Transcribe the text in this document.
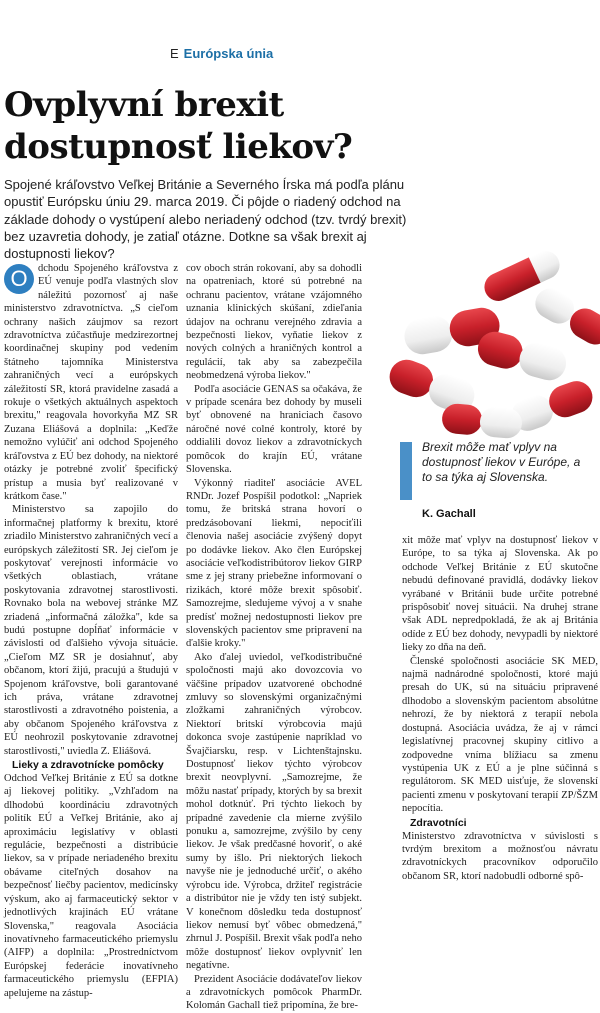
E Európska únia
Ovplyvní brexit dostupnosť liekov?

Spojené kráľovstvo Veľkej Británie a Severného Írska má podľa plánu opustiť Európsku úniu 29. marca 2019. Či pôjde o riadený odchod na základe dohody o vystúpení alebo neriadený odchod (tzv. tvrdý brexit) bez uzavretia dohody, je zatiaľ otázne. Dotkne sa však brexit aj dostupnosti liekov?

O dchodu Spojeného kráľovstva z EÚ venuje podľa vlastných slov náležitú pozornosť aj naše ministerstvo zdravotníctva. „S cieľom ochrany našich záujmov sa rezort zdravotníctva zúčastňuje medzirezortnej koordinačnej skupiny pod vedením štátneho tajomníka Ministerstva zahraničných vecí a európskych záležitostí SR, ktorá pravidelne zasadá a rokuje o všetkých aktuálnych aspektoch brexitu," reagovala hovorkyňa MZ SR Zuzana Eliášová a doplnila: „Keďže nemožno vylúčiť ani odchod Spojeného kráľovstva z EÚ bez dohody, na niektoré otázky je potrebné zvoliť špecifický prístup a musia byť realizované v krátkom čase."

Ministerstvo sa zapojilo do informačnej platformy k brexitu, ktoré zriadilo Ministerstvo zahraničných vecí a európskych záležitostí SR. Jej cieľom je poskytovať verejnosti informácie vo všetkých oblastiach, vrátane poskytovania zdravotnej starostlivosti. Rovnako bola na webovej stránke MZ zriadená „informačná záložka", kde sa budú postupne dopĺňať informácie v závislosti od ďalšieho vývoja situácie. „Cieľom MZ SR je dosiahnuť, aby občanom, ktorí žijú, pracujú a študujú v Spojenom kráľovstve, boli garantované ich práva, vrátane zdravotnej starostlivosti a zdravotného poistenia, a aby občanom Spojeného kráľovstva z EÚ neohrozil poskytovanie zdravotnej starostlivosti," uviedla Z. Eliášová.

Lieky a zdravotnícke pomôcky

Odchod Veľkej Británie z EÚ sa dotkne aj liekovej politiky. „Vzhľadom na dlhodobú koordináciu zdravotných politík EÚ a Veľkej Británie, ako aj aproximáciu legislatívy v oblasti regulácie, bezpečnosti a distribúcie liekov, sa v prípade neriadeného brexitu obávame citeľných dosahov na bezpečnosť liečby pacientov, medicínsky výskum, ako aj farmaceutický sektor v jednotlivých krajinách EÚ vrátane Slovenska," reagovala Asociácia inovatívneho farmaceutického priemyslu (AIFP) a doplnila: „Prostredníctvom Európskej federácie inovatívneho farmaceutického priemyslu (EFPIA) apelujeme na zástup-

cov oboch strán rokovaní, aby sa dohodli na opatreniach, ktoré sú potrebné na ochranu pacientov, vrátane vzájomného uznania klinických skúšaní, zdieľania údajov na ochranu verejného zdravia a bezpečnosti liekov, vyňatie liekov z nových colných a hraničných kontrol a regulácií, tak aby sa zabezpečila neobmedzená výroba liekov."

Podľa asociácie GENAS sa očakáva, že v prípade scenára bez dohody by museli byť obnovené na hraniciach časovo náročné nové colné kontroly, ktoré by oddialili dovoz liekov a zdravotníckych pomôcok do krajín EÚ, vrátane Slovenska.

Výkonný riaditeľ asociácie AVEL RNDr. Jozef Pospíšil podotkol: „Napriek tomu, že britská strana hovorí o predzásobovaní liekmi, nepociťili členovia našej asociácie zvýšený dopyt po dodávke liekov. Ako člen Európskej asociácie veľkodistribútorov liekov GIRP sme z jej strany priebežne informovaní o rizikách, ktoré môže brexit spôsobiť. Samozrejme, sledujeme vývoj a v snahe predísť možnej nedostupnosti liekov pre slovenských pacientov sme pripravení na ďalšie kroky."

Ako ďalej uviedol, veľkodistribučné spoločnosti majú ako dovozcovia vo väčšine prípadov uzatvorené obchodné zmluvy so slovenskými organizačnými zložkami zahraničných výrobcov. Niektorí britskí výrobcovia majú dokonca svoje zastúpenie napríklad vo Švajčiarsku, resp. v Lichtenštajnsku. Dostupnosť liekov týchto výrobcov brexit neovplyvní. „Samozrejme, že môžu nastať prípady, ktorých by sa brexit mohol dotknúť. Pri týchto liekoch by prípadné zavedenie cla mierne zvýšilo ponuku a, samozrejme, zvýšilo by ceny liekov. Je však predčasné hovoriť, o aké sumy by išlo. Pri niektorých liekoch navyše nie je jednoduché určiť, o akého výrobcu ide. Výrobca, držiteľ registrácie a distribútor nie je vždy ten istý subjekt. V konečnom dôsledku teda dostupnosť liekov nemusí byť vôbec obmedzená," zhrnul J. Pospíšil. Brexit však podľa neho môže dostupnosť liekov ovplyvniť len negatívne.

Prezident Asociácie dodávateľov liekov a zdravotníckych pomôcok PharmDr. Kolomán Gachall tiež pripomína, že bre-

Brexit môže mať vplyv na dostupnosť liekov v Európe, a to sa týka aj Slovenska.

K. Gachall

xit môže mať vplyv na dostupnosť liekov v Európe, to sa týka aj Slovenska. Ak po odchode Veľkej Británie z EÚ skutočne nebudú definované pravidlá, dodávky liekov vyrábané v Británii bude určite potrebné prispôsobiť novej situácii. Na druhej strane však ADL nepredpokladá, že ak aj Británia odíde z EÚ bez dohody, nevypadli by niektoré lieky zo dňa na deň.

Členské spoločnosti asociácie SK MED, najmä nadnárodné spoločnosti, ktoré majú presah do UK, sú na situáciu pripravené dlhodobo a slovenským pacientom absolútne nehrozí, že by niektorá z terapií nebola dostupná. Asociácia uvádza, že aj v rámci legislatívnej pracovnej skupiny citlivo a zodpovedne vníma blížiacu sa zmenu vystúpenia UK z EÚ a je plne súčinná s regulátorom. SK MED uisťuje, že slovenskí pacienti zmenu v poskytovaní terapií ZP/ŠZM nepocítia.

Zdravotníci

Ministerstvo zdravotníctva v súvislosti s tvrdým brexitom a možnosťou návratu zdravotníckych pracovníkov odporučilo občanom SR, ktorí nadobudli odborné spô-
